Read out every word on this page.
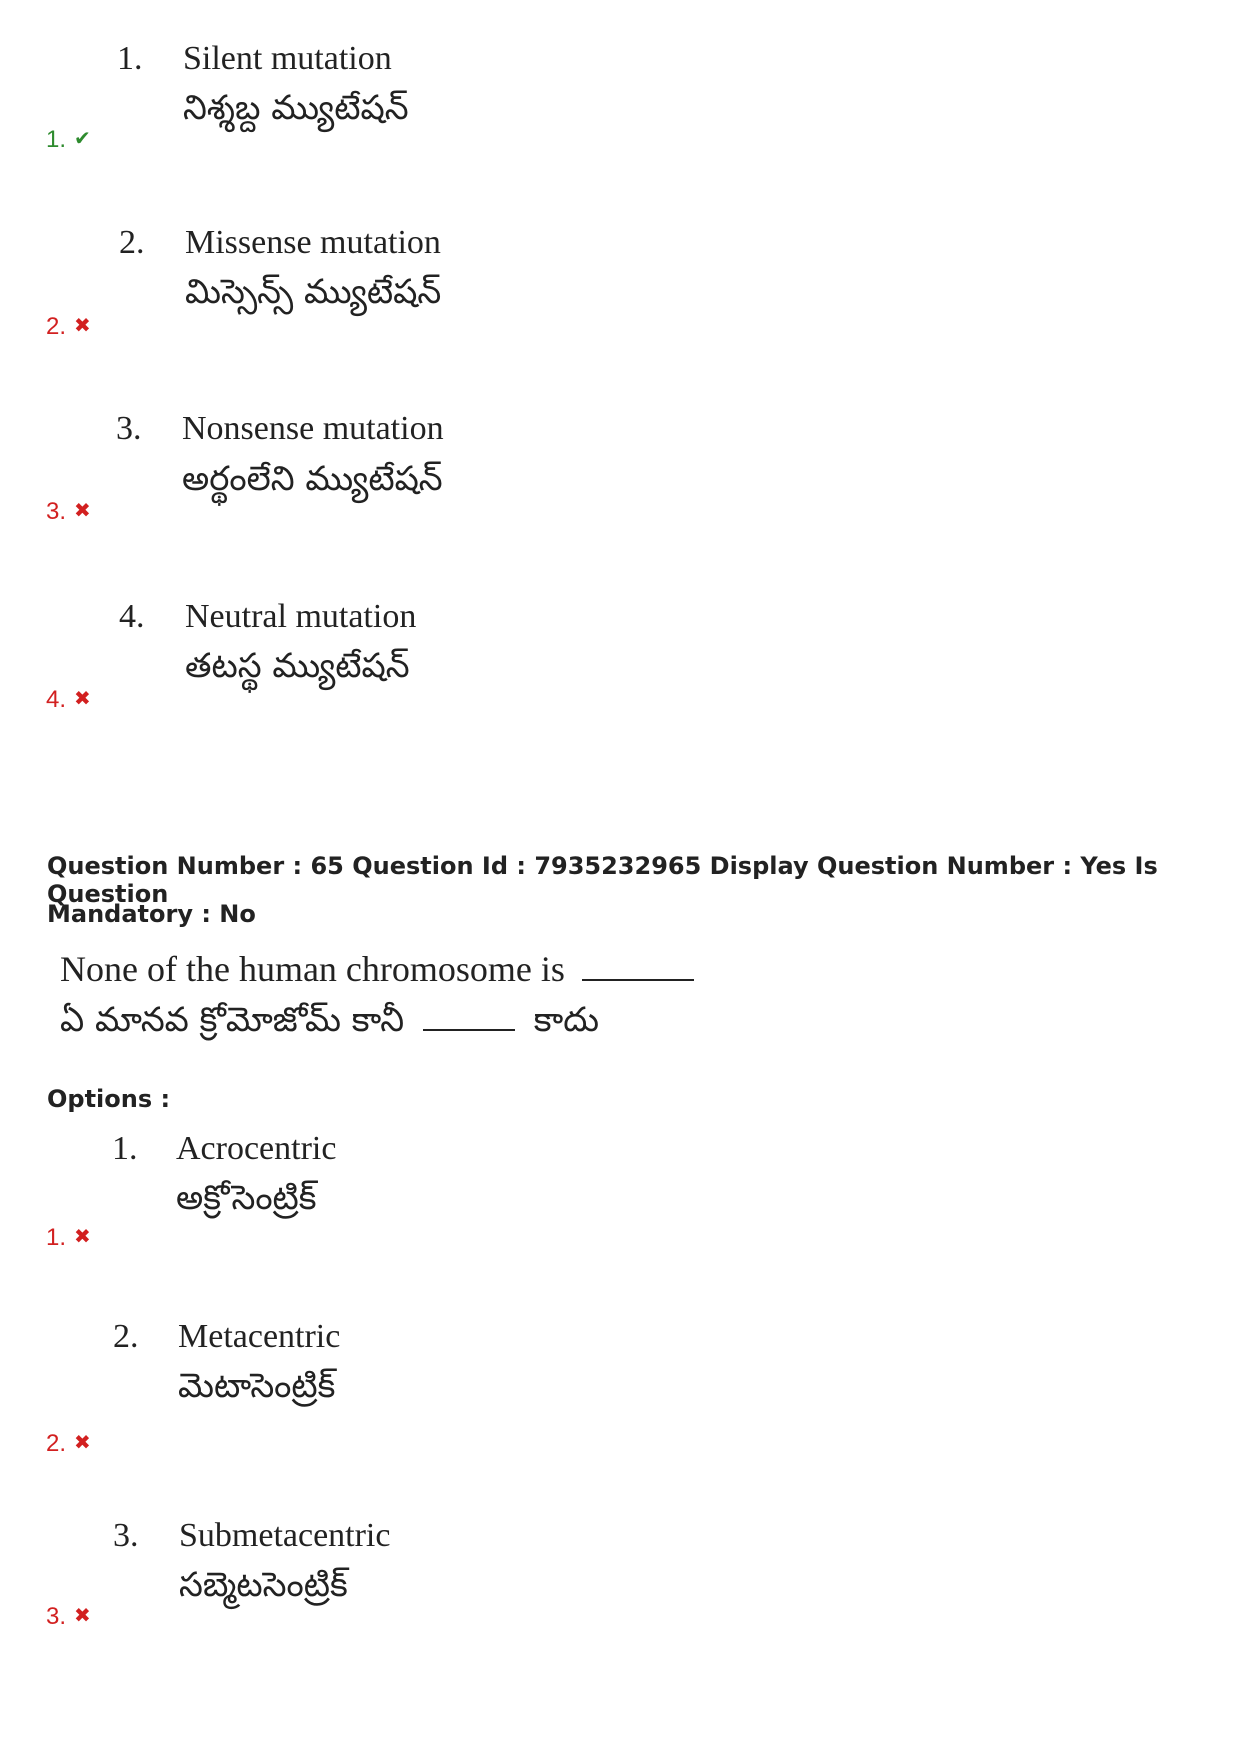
1. Silent mutation
నిశ్శబ్ద మ్యుటేషన్
1. ✔
2. Missense mutation
మిస్సెన్స్ మ్యుటేషన్
2. ✖
3. Nonsense mutation
అర్థంలేని మ్యుటేషన్
3. ✖
4. Neutral mutation
తటస్థ మ్యుటేషన్
4. ✖
Question Number : 65 Question Id : 7935232965 Display Question Number : Yes Is Question
Mandatory : No
None of the human chromosome is
ఏ మానవ క్రోమోజోమ్ కానీ	కాదు
Options :
1. Acrocentric
అక్రోసెంట్రిక్
1. ✖
2. Metacentric
మెటాసెంట్రిక్
2. ✖
3. Submetacentric
సబ్మెటసెంట్రిక్
3. ✖
